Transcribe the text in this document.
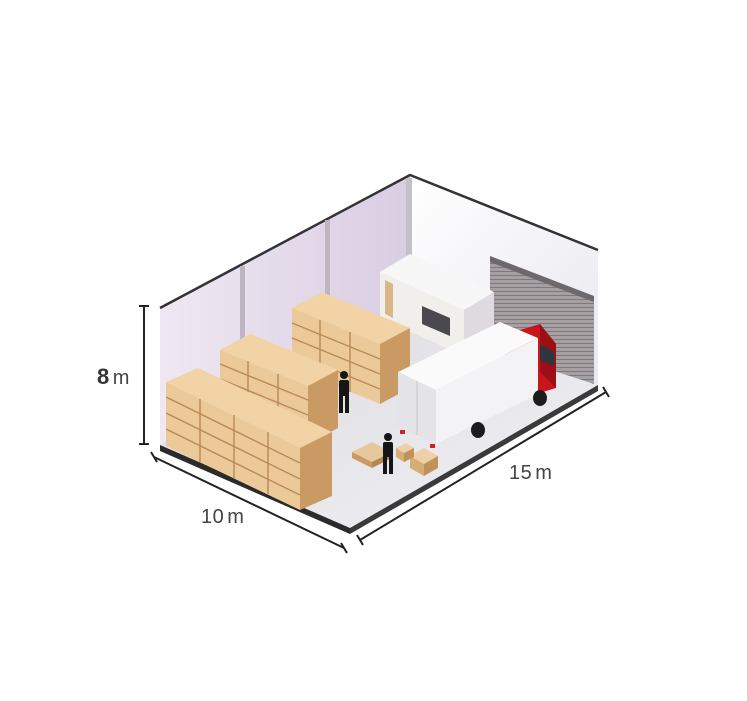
8 m
10 m
15 m
